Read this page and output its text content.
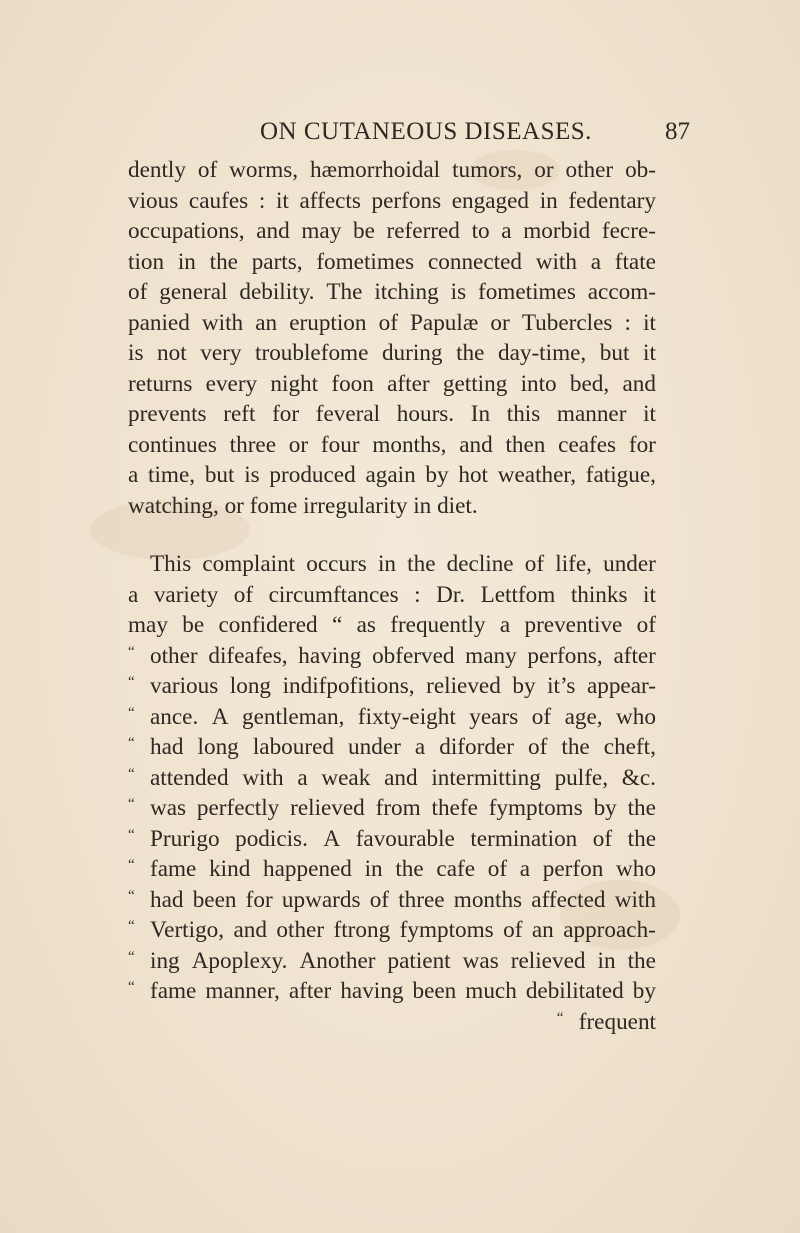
ON CUTANEOUS DISEASES.	87
dently of worms, hæmorrhoidal tumors, or other ob-
vious caufes : it affects perfons engaged in fedentary
occupations, and may be referred to a morbid fecre-
tion in the parts, fometimes connected with a ftate
of general debility. The itching is fometimes accom-
panied with an eruption of Papulæ or Tubercles : it
is not very troublefome during the day-time, but it
returns every night foon after getting into bed, and
prevents reft for feveral hours. In this manner it
continues three or four months, and then ceafes for
a time, but is produced again by hot weather, fatigue,
watching, or fome irregularity in diet.
This complaint occurs in the decline of life, under
a variety of circumftances : Dr. Lettfom thinks it
may be confidered “ as frequently a preventive of
“ other difeafes, having obferved many perfons, after
“ various long indifpofitions, relieved by it’s appear-
“ ance. A gentleman, fixty-eight years of age, who
“ had long laboured under a diforder of the cheft,
“ attended with a weak and intermitting pulfe, &c.
“ was perfectly relieved from thefe fymptoms by the
“ Prurigo podicis. A favourable termination of the
“ fame kind happened in the cafe of a perfon who
“ had been for upwards of three months affected with
“ Vertigo, and other ftrong fymptoms of an approach-
“ ing Apoplexy. Another patient was relieved in the
“ fame manner, after having been much debilitated by
“ frequent
